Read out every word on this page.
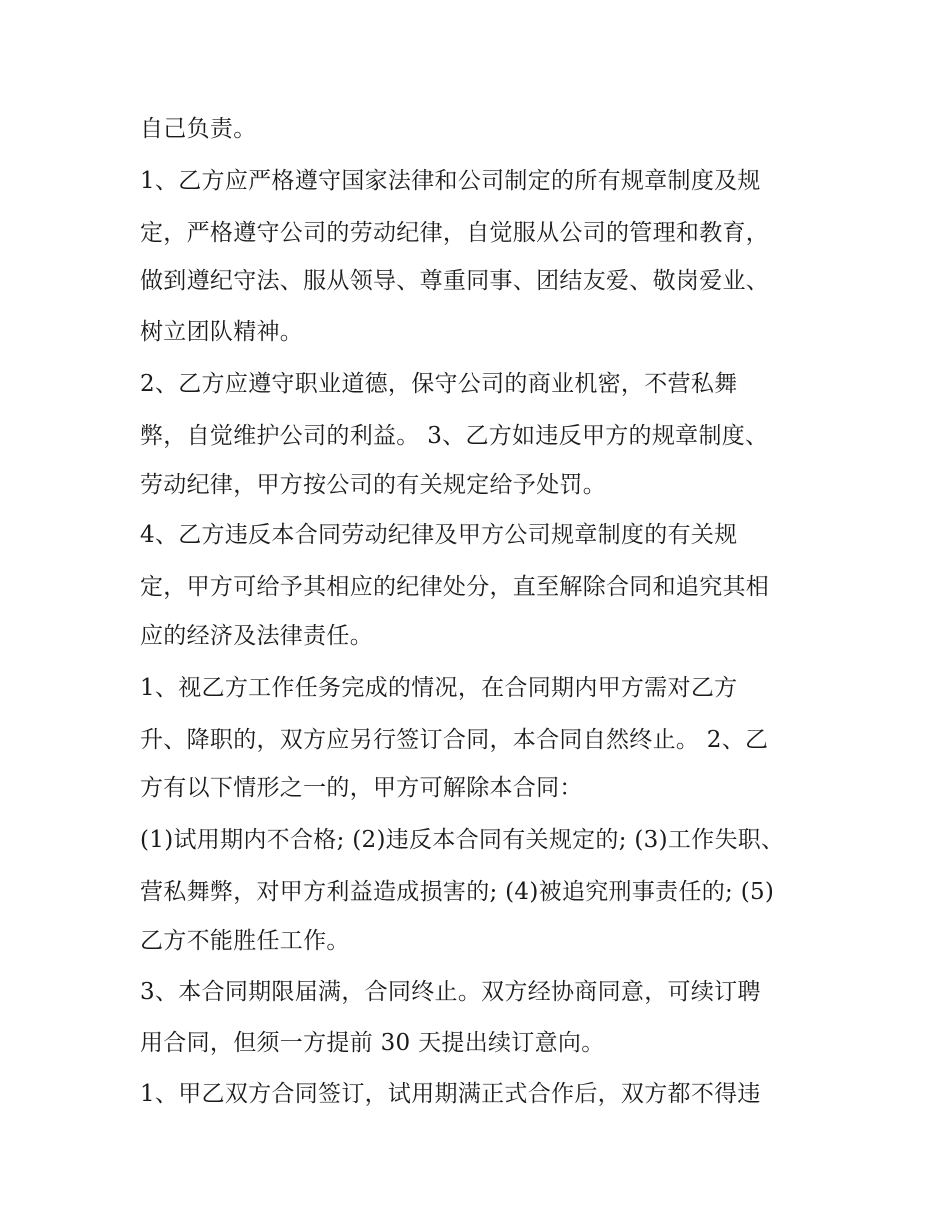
自己负责。
1、乙方应严格遵守国家法律和公司制定的所有规章制度及规
定，严格遵守公司的劳动纪律，自觉服从公司的管理和教育，
做到遵纪守法、服从领导、尊重同事、团结友爱、敬岗爱业、
树立团队精神。
2、乙方应遵守职业道德，保守公司的商业机密，不营私舞
弊，自觉维护公司的利益。 3、乙方如违反甲方的规章制度、
劳动纪律，甲方按公司的有关规定给予处罚。
4、乙方违反本合同劳动纪律及甲方公司规章制度的有关规
定，甲方可给予其相应的纪律处分，直至解除合同和追究其相
应的经济及法律责任。
1、视乙方工作任务完成的情况，在合同期内甲方需对乙方
升、降职的，双方应另行签订合同，本合同自然终止。 2、乙
方有以下情形之一的，甲方可解除本合同：
(1)试用期内不合格; (2)违反本合同有关规定的; (3)工作失职、
营私舞弊，对甲方利益造成损害的; (4)被追究刑事责任的; (5)
乙方不能胜任工作。
3、本合同期限届满，合同终止。双方经协商同意，可续订聘
用合同，但须一方提前 30 天提出续订意向。
1、甲乙双方合同签订，试用期满正式合作后，双方都不得违
